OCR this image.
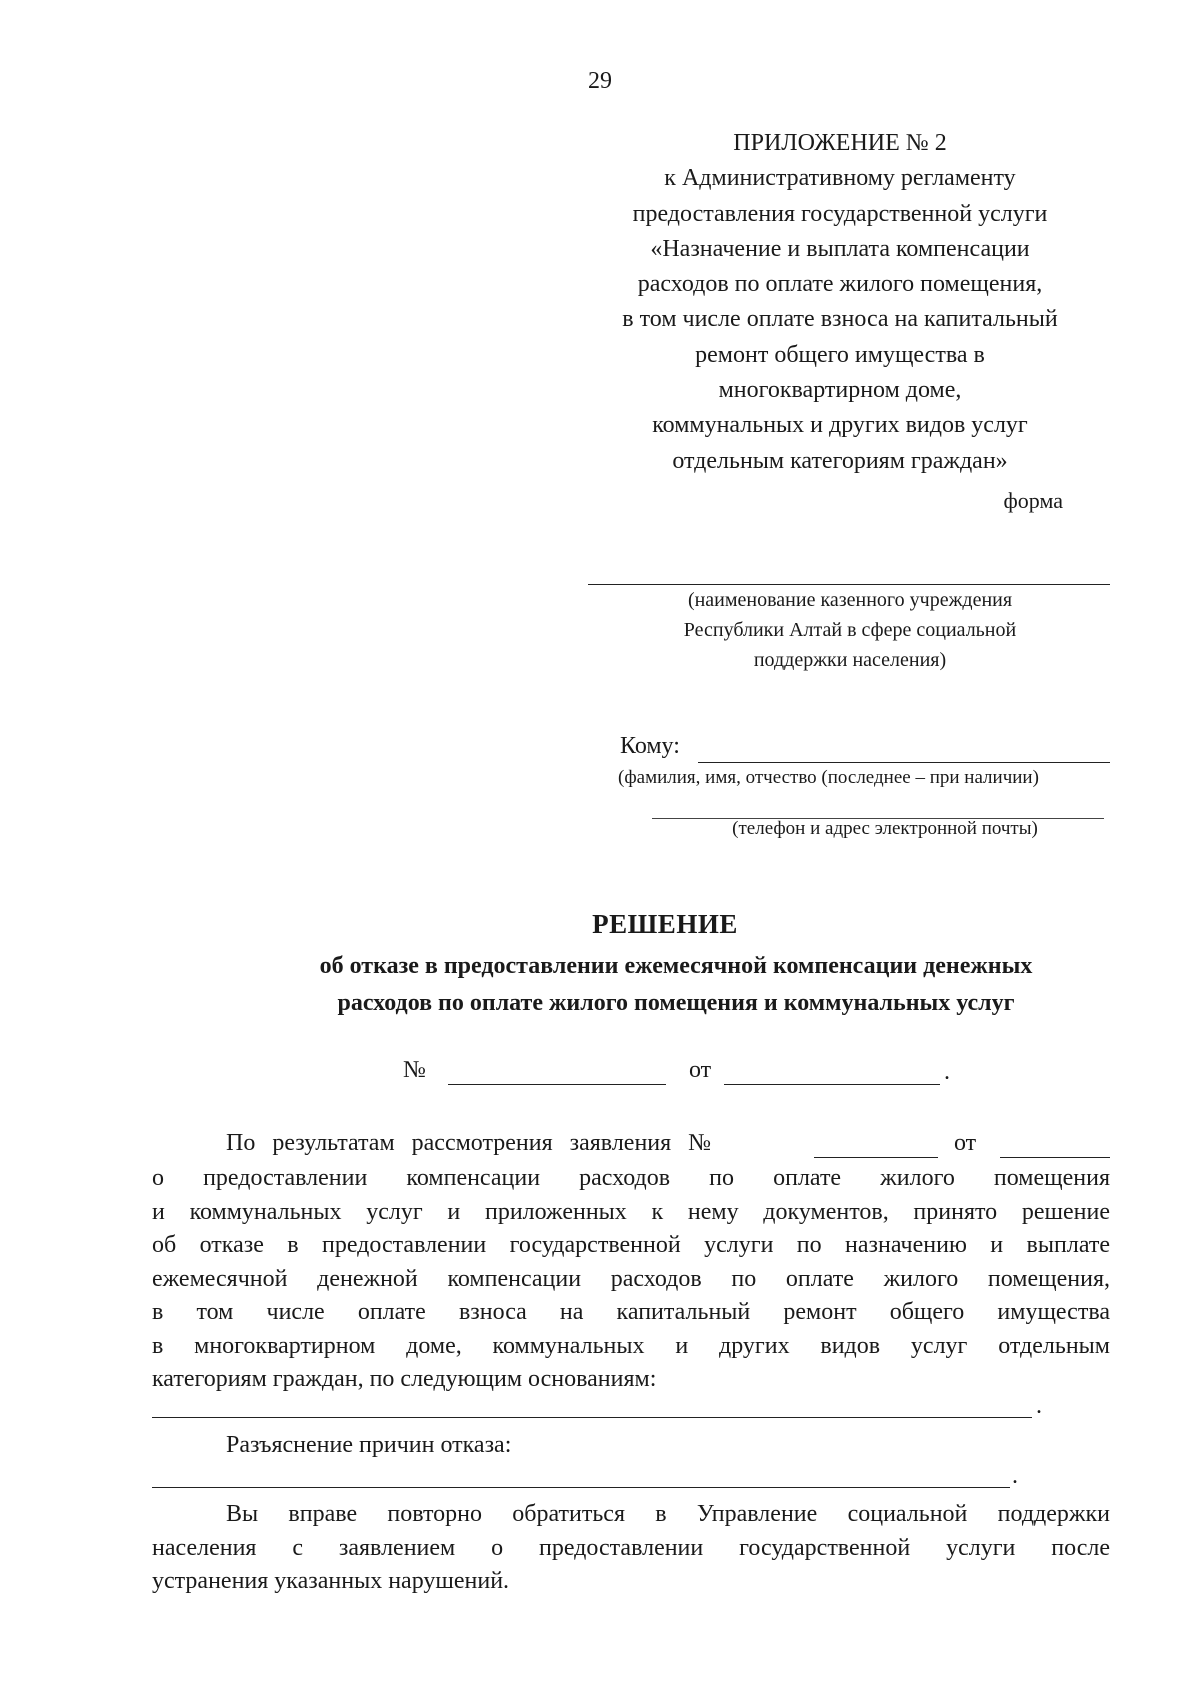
29
ПРИЛОЖЕНИЕ № 2
к Административному регламенту
предоставления государственной услуги
«Назначение и выплата компенсации
расходов по оплате жилого помещения,
в том числе оплате взноса на капитальный
ремонт общего имущества в
многоквартирном доме,
коммунальных и других видов услуг
отдельным категориям граждан»
форма
(наименование казенного учреждения
Республики Алтай в сфере социальной
поддержки населения)
Кому:
(фамилия, имя, отчество (последнее – при наличии)
(телефон и адрес электронной почты)
РЕШЕНИЕ
об отказе в предоставлении ежемесячной компенсации денежных
расходов по оплате жилого помещения и коммунальных услуг
№	от	.
По результатам рассмотрения заявления №	от
о предоставлении компенсации расходов по оплате жилого помещения
и коммунальных услуг и приложенных к нему документов, принято решение
об отказе в предоставлении государственной услуги по назначению и выплате
ежемесячной денежной компенсации расходов по оплате жилого помещения,
в том числе оплате взноса на капитальный ремонт общего имущества
в многоквартирном доме, коммунальных и других видов услуг отдельным
категориям граждан, по следующим основаниям:
.
Разъяснение причин отказа:
.
Вы вправе повторно обратиться в Управление социальной поддержки
населения с заявлением о предоставлении государственной услуги после
устранения указанных нарушений.
